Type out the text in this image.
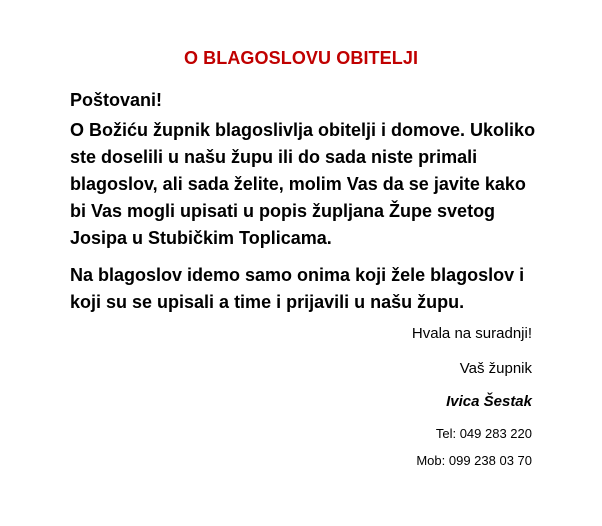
O BLAGOSLOVU OBITELJI
Poštovani!
O Božiću župnik blagoslivlja obitelji i domove. Ukoliko
ste doselili u našu župu ili do sada niste primali
blagoslov, ali sada želite, molim Vas da se javite kako
bi Vas mogli upisati u popis župljana Župe svetog
Josipa u Stubičkim Toplicama.
Na blagoslov idemo samo onima koji žele blagoslov i
koji su se upisali a time i prijavili u našu župu.
Hvala na suradnji!
Vaš župnik
Ivica Šestak
Tel: 049 283 220
Mob: 099 238 03 70
